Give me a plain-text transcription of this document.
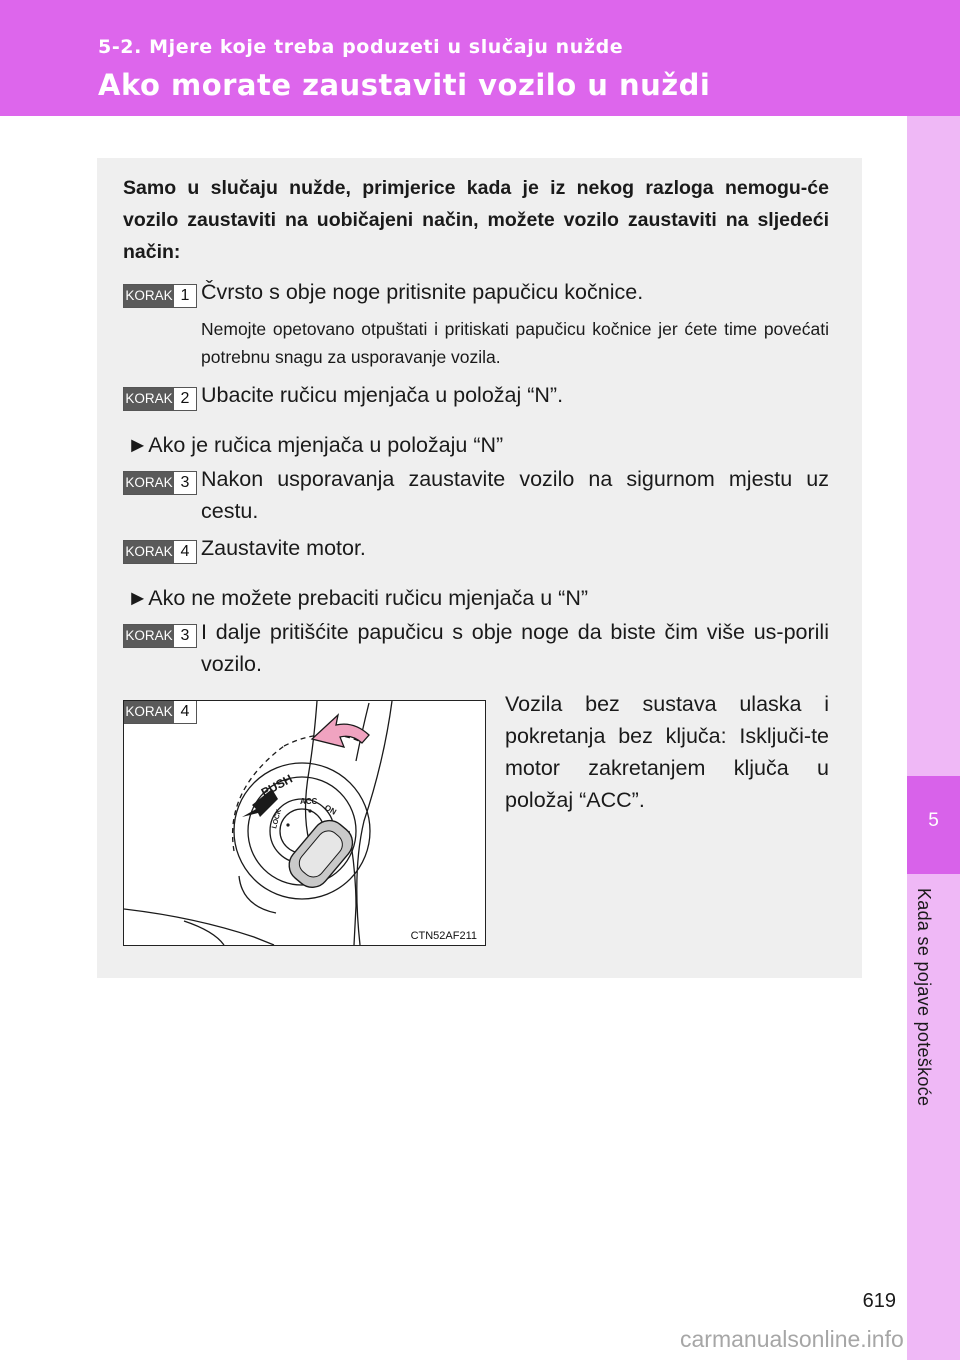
5-2. Mjere koje treba poduzeti u slučaju nužde
Ako morate zaustaviti vozilo u nuždi
5
Kada se pojave poteškoće
Samo u slučaju nužde, primjerice kada je iz nekog razloga nemogu-će vozilo zaustaviti na uobičajeni način, možete vozilo zaustaviti na sljedeći način:
KORAK 1 Čvrsto s obje noge pritisnite papučicu kočnice.
Nemojte opetovano otpuštati i pritiskati papučicu kočnice jer ćete time povećati potrebnu snagu za usporavanje vozila.
KORAK 2 Ubacite ručicu mjenjača u položaj “N”.
►Ako je ručica mjenjača u položaju “N”
KORAK 3 Nakon usporavanja zaustavite vozilo na sigurnom mjestu uz cestu.
KORAK 4 Zaustavite motor.
►Ako ne možete prebaciti ručicu mjenjača u “N”
KORAK 3 I dalje pritišćite papučicu s obje noge da biste čim više us-porili vozilo.
PUSH
ACC
ON
LOCK
KORAK 4
CTN52AF211
Vozila bez sustava ulaska i pokretanja bez ključa: Isključi-te motor zakretanjem ključa u položaj “ACC”.
619
carmanualsonline.info
